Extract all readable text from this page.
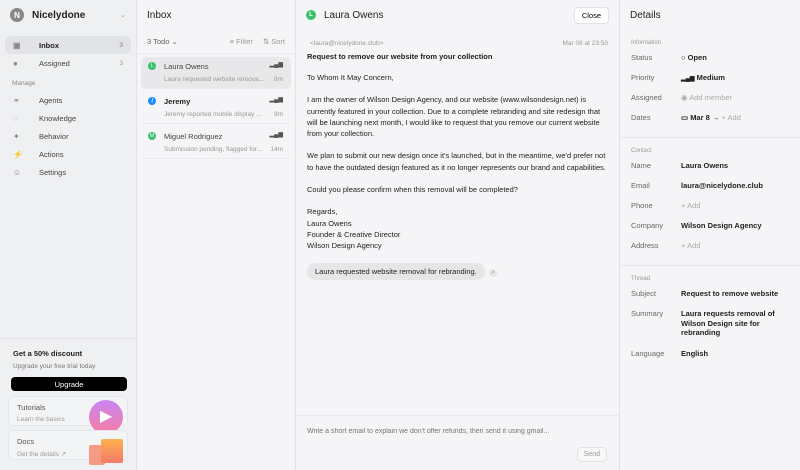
N	Nicelydone	⌄
▣	Inbox	3
●	Assigned	3
Manage
⚭	Agents
◌	Knowledge
✦	Behavior
⚡ Actions
☺	Settings
Get a 50% discount

Upgrade your free trial today

Upgrade
Tutorials
Learn the basics	▶
Docs
Get the details ↗
Inbox
3 Todo ⌄	≡ Filter ⇅ Sort
L	Laura Owens
Laura requested website remova...
▂▄▆
8m
J	Jeremy
Jeremy reported mobile display ...
▂▄▆
9m
M Miguel Rodriguez
Submission pending, flagged for...
▂▄▆
14m
L	Laura Owens	Close
<laura@nicelydone.club>	Mar 08 at 23:50
Request to remove our website from your collection

To Whom It May Concern,

I am the owner of Wilson Design Agency, and our website (www.wilsondesign.net) is currently featured in your collection. Due to a complete rebranding and site redesign that will be launching next month, I would like to request that you remove our current website from your collection.

We plan to submit our new design once it's launched, but in the meantime, we'd prefer not to have the outdated design featured as it no longer represents our brand and capabilities.

Could you please confirm when this removal will be completed?

Regards,
Laura Owens
Founder & Creative Director
Wilson Design Agency

Laura requested website removal for rebranding.	↗
Write a short email to explain we don't offer refunds, then send it using gmail...
Send
Details
Information
Status	○ Open
Priority	▂▄▆ Medium
Assigned	◉ Add member
Dates	▭ Mar 8 → + Add
Contact
Name	Laura Owens
Email	laura@nicelydone.club
Phone	+ Add
Company	Wilson Design Agency
Address	+ Add
Thread
Subject	Request to remove website
Summary	Laura requests removal of Wilson Design site for rebranding
Language	English
